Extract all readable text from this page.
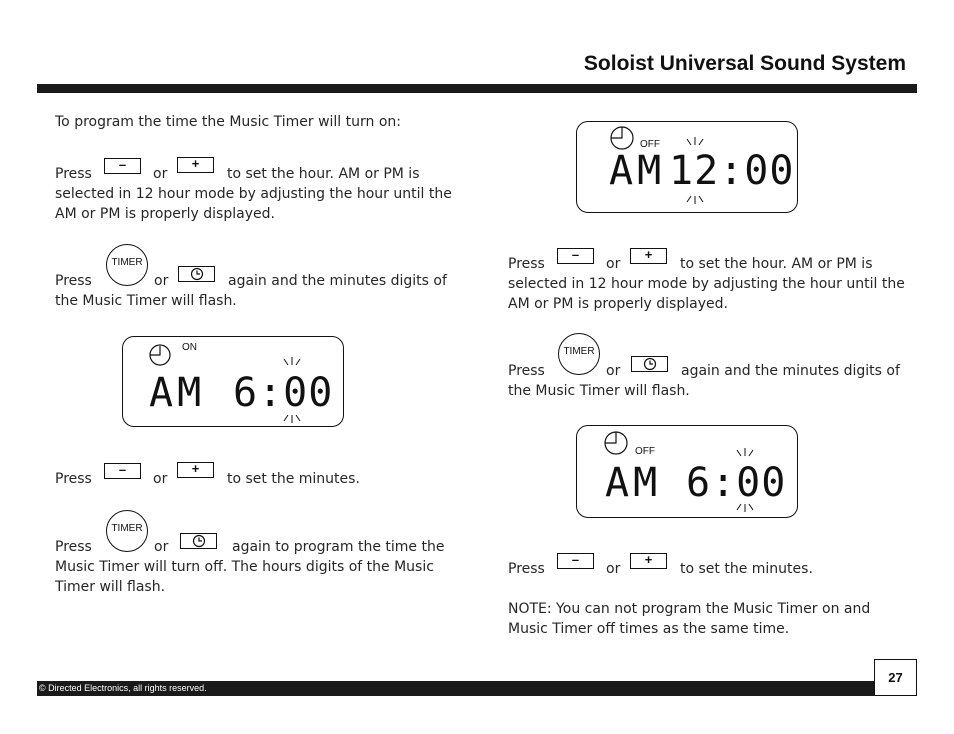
Soloist Universal Sound System
To program the time the Music Timer will turn on:
Press
–
or
+
to set the hour. AM or PM is
selected in 12 hour mode by adjusting the hour until the
AM or PM is properly displayed.
Press
TIMER
or	again and the minutes digits of
the Music Timer will flash.
ON
AM 6:00
Press
–
or
+
to set the minutes.
Press
TIMER
or	again to program the time the
Music Timer will turn off. The hours digits of the Music
Timer will flash.
OFF
AM 12:00
Press
–
or
+
to set the hour. AM or PM is
selected in 12 hour mode by adjusting the hour until the
AM or PM is properly displayed.
Press
TIMER
or	again and the minutes digits of
the Music Timer will flash.
OFF
AM 6:00
Press
–
or
+
to set the minutes.
NOTE: You can not program the Music Timer on and
Music Timer off times as the same time.
© Directed Electronics, all rights reserved.
27
